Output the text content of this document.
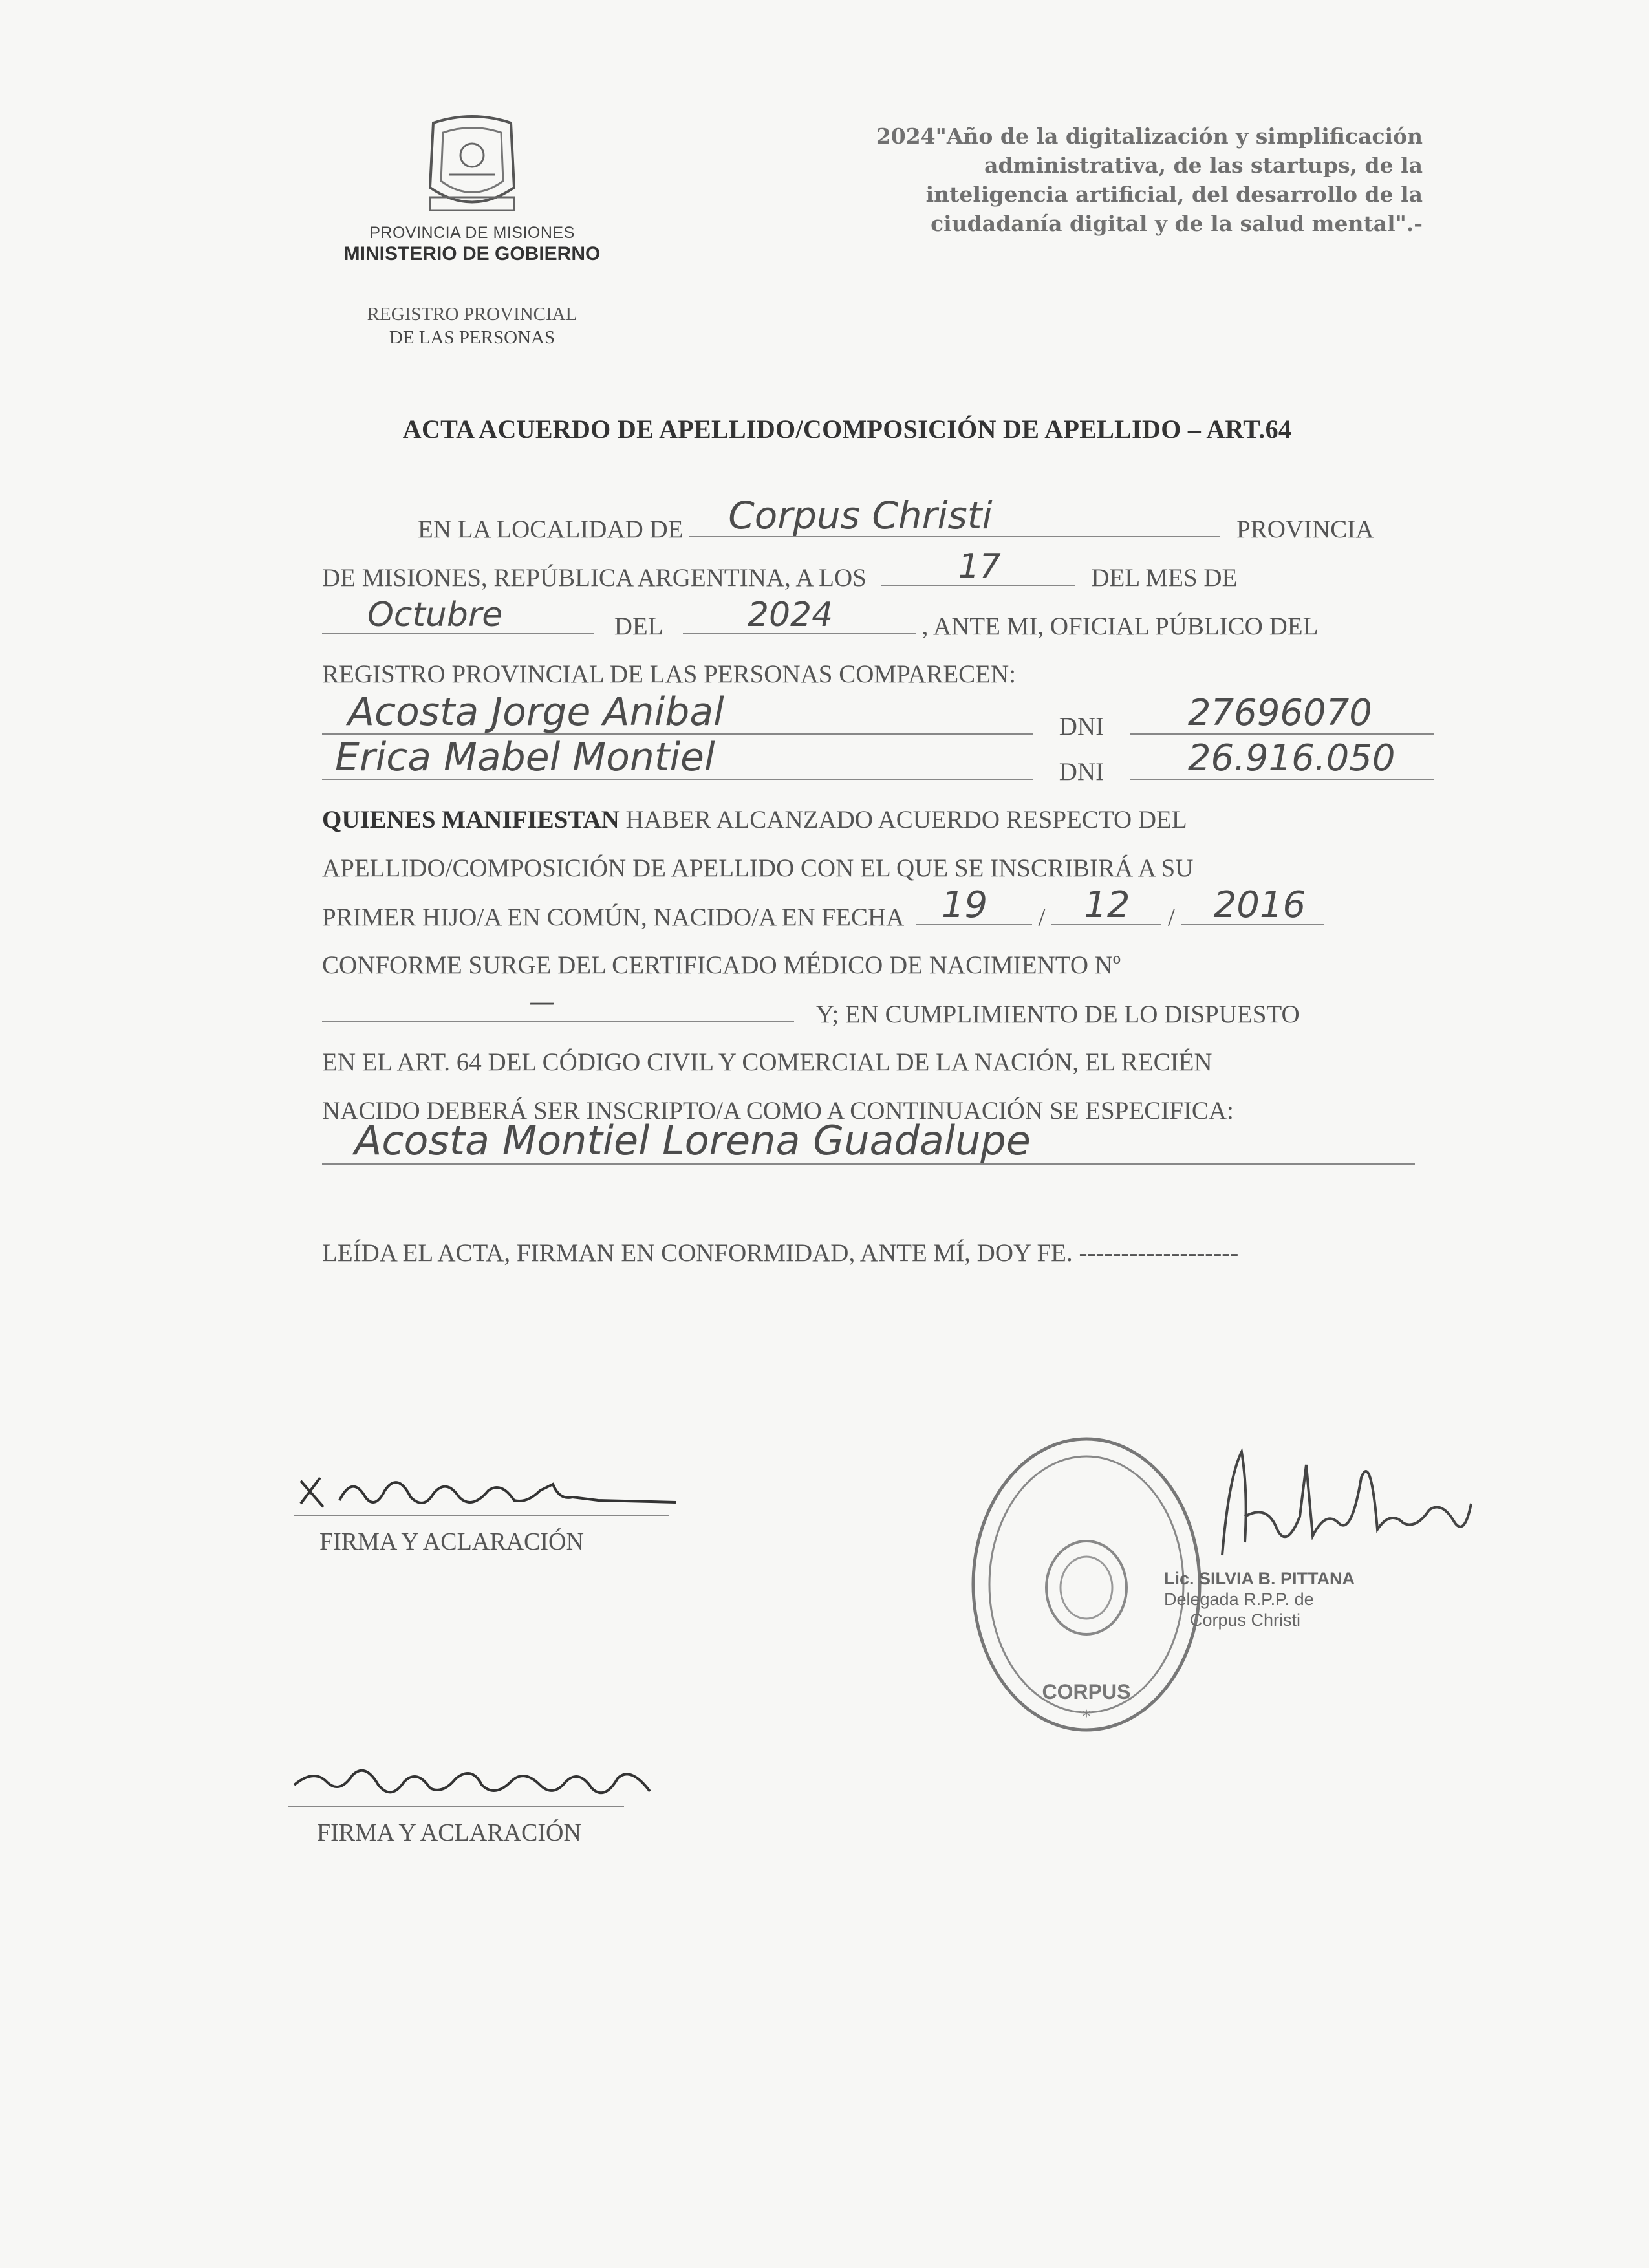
PROVINCIA DE MISIONES
MINISTERIO DE GOBIERNO
REGISTRO PROVINCIAL
DE LAS PERSONAS
2024"Año de la digitalización y simplificación
administrativa, de las startups, de la
inteligencia artificial, del desarrollo de la
ciudadanía digital y de la salud mental".-
ACTA ACUERDO DE APELLIDO/COMPOSICIÓN DE APELLIDO – ART.64
EN LA LOCALIDAD DE Corpus Christi	PROVINCIA
DE MISIONES, REPÚBLICA ARGENTINA, A LOS	17	DEL MES DE
Octubre	DEL	2024	, ANTE MI, OFICIAL PÚBLICO DEL
REGISTRO PROVINCIAL DE LAS PERSONAS COMPARECEN:
Acosta Jorge Anibal	DNI 27696070
Erica Mabel Montiel	DNI 26.916.050
QUIENES MANIFIESTAN HABER ALCANZADO ACUERDO RESPECTO DEL
APELLIDO/COMPOSICIÓN DE APELLIDO CON EL QUE SE INSCRIBIRÁ A SU
PRIMER HIJO/A EN COMÚN, NACIDO/A EN FECHA 19 / 12 / 2016
CONFORME SURGE DEL CERTIFICADO MÉDICO DE NACIMIENTO Nº
—	Y; EN CUMPLIMIENTO DE LO DISPUESTO
EN EL ART. 64 DEL CÓDIGO CIVIL Y COMERCIAL DE LA NACIÓN, EL RECIÉN
NACIDO DEBERÁ SER INSCRIPTO/A COMO A CONTINUACIÓN SE ESPECIFICA:
Acosta Montiel Lorena Guadalupe
LEÍDA EL ACTA, FIRMAN EN CONFORMIDAD, ANTE MÍ, DOY FE. -------------------
FIRMA Y ACLARACIÓN
FIRMA Y ACLARACIÓN
CORPUS
*
Lic. SILVIA B. PITTANA
Delegada R.P.P. de
Corpus Christi
